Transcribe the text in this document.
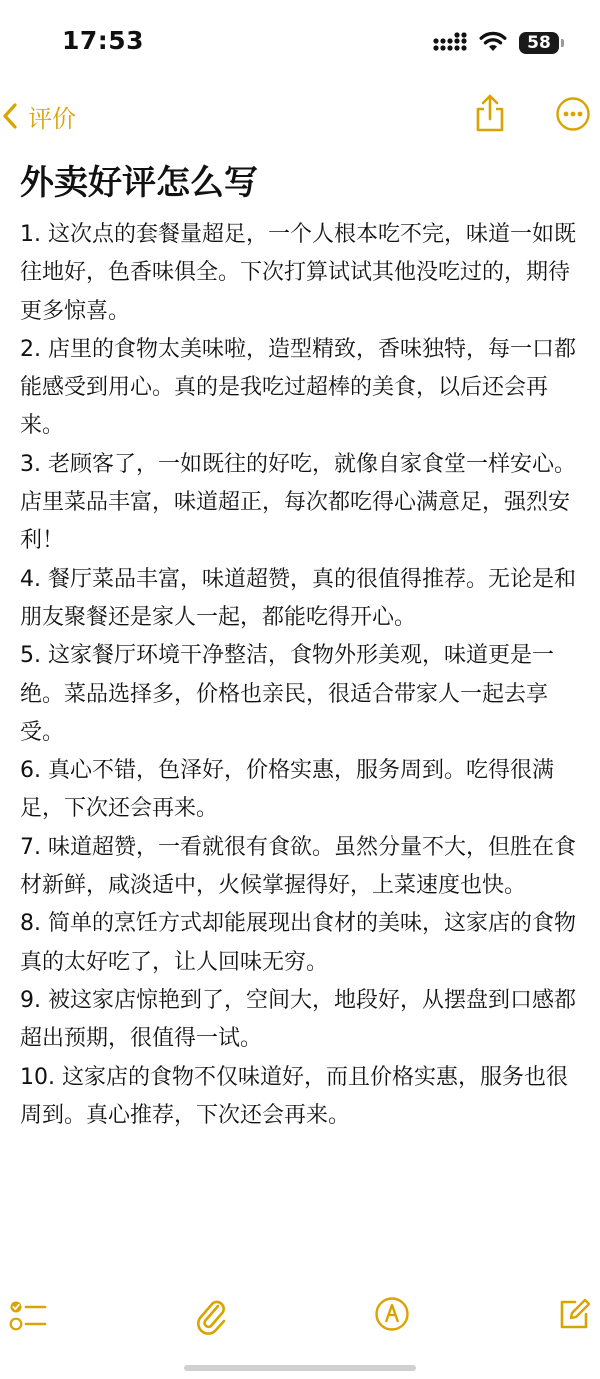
17:53	58
评价
外卖好评怎么写

1. 这次点的套餐量超足，一个人根本吃不完，味道一如既往地好，色香味俱全。下次打算试试其他没吃过的，期待更多惊喜。

2. 店里的食物太美味啦，造型精致，香味独特，每一口都能感受到用心。真的是我吃过超棒的美食，以后还会再来。

3. 老顾客了，一如既往的好吃，就像自家食堂一样安心。店里菜品丰富，味道超正，每次都吃得心满意足，强烈安利！

4. 餐厅菜品丰富，味道超赞，真的很值得推荐。无论是和朋友聚餐还是家人一起，都能吃得开心。

5. 这家餐厅环境干净整洁，食物外形美观，味道更是一绝。菜品选择多，价格也亲民，很适合带家人一起去享受。

6. 真心不错，色泽好，价格实惠，服务周到。吃得很满足，下次还会再来。

7. 味道超赞，一看就很有食欲。虽然分量不大，但胜在食材新鲜，咸淡适中，火候掌握得好，上菜速度也快。

8. 简单的烹饪方式却能展现出食材的美味，这家店的食物真的太好吃了，让人回味无穷。

9. 被这家店惊艳到了，空间大，地段好，从摆盘到口感都超出预期，很值得一试。

10. 这家店的食物不仅味道好，而且价格实惠，服务也很周到。真心推荐，下次还会再来。
